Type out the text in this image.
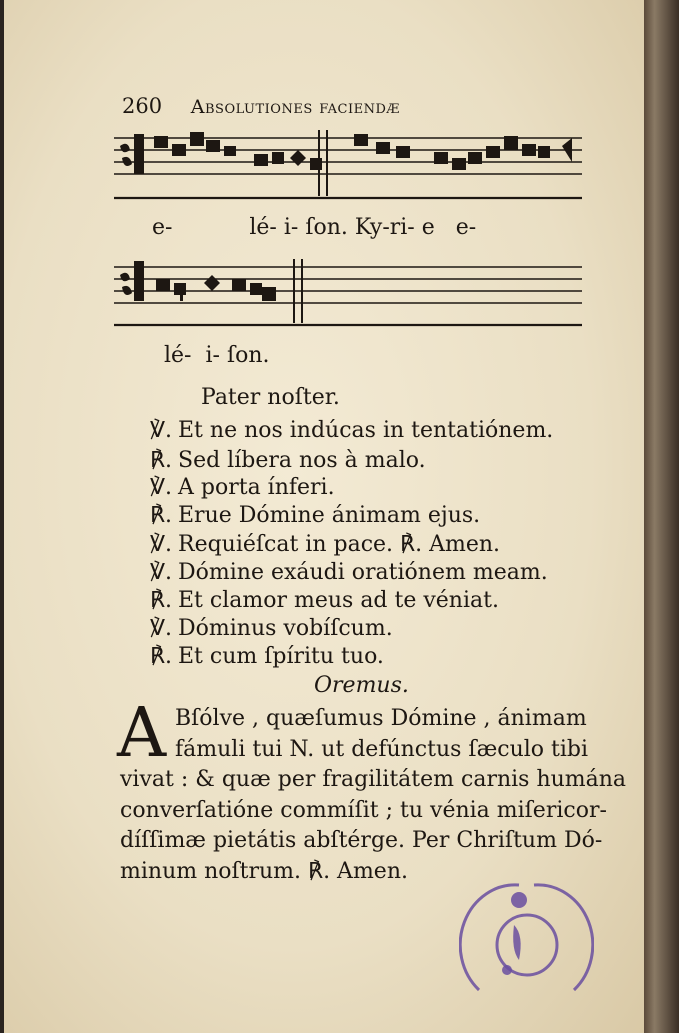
260 Absolutiones faciendæ
e-           lé- i- ſon. Ky-ri- e   e-
lé-  i- ſon.
Pater noſter.
℣. Et ne nos indúcas in tentatiónem.
℟. Sed líbera nos à malo.
℣. A porta ínferi.
℟. Erue Dómine ánimam ejus.
℣. Requiéſcat in pace. ℟. Amen.
℣. Dómine exáudi oratiónem meam.
℟. Et clamor meus ad te véniat.
℣. Dóminus vobíſcum.
℟. Et cum ſpíritu tuo.
Oremus.
A Bſólve , quæſumus Dómine , ánimam
fámuli tui N. ut defúnctus ſæculo tibi
vivat : & quæ per fragilitátem carnis humána
converſatióne commíſit ; tu vénia miſericor-
díſſimæ pietátis abſtérge. Per Chriſtum Dó-
minum noſtrum. ℟. Amen.
